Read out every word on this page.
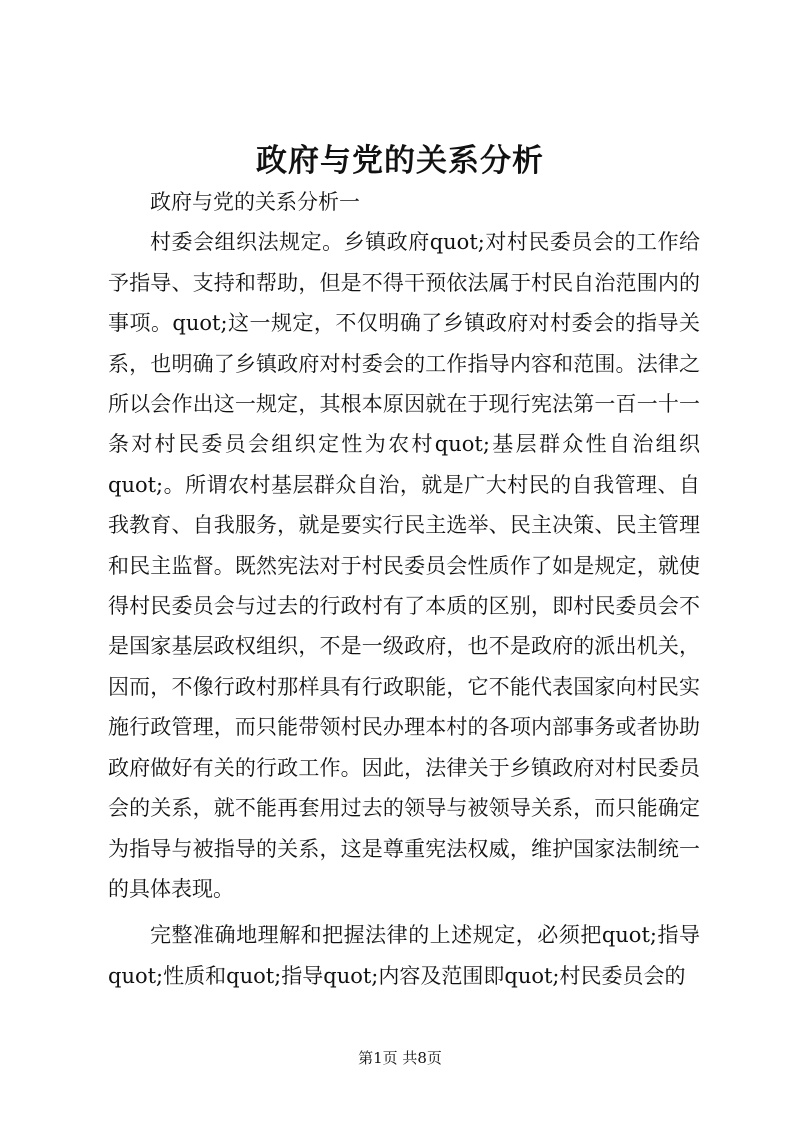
政府与党的关系分析

政府与党的关系分析一

村委会组织法规定。乡镇政府quot;对村民委员会的工作给予指导、支持和帮助，但是不得干预依法属于村民自治范围内的事项。quot;这一规定，不仅明确了乡镇政府对村委会的指导关系，也明确了乡镇政府对村委会的工作指导内容和范围。法律之所以会作出这一规定，其根本原因就在于现行宪法第一百一十一条对村民委员会组织定性为农村quot;基层群众性自治组织quot;。所谓农村基层群众自治，就是广大村民的自我管理、自我教育、自我服务，就是要实行民主选举、民主决策、民主管理和民主监督。既然宪法对于村民委员会性质作了如是规定，就使得村民委员会与过去的行政村有了本质的区别，即村民委员会不是国家基层政权组织，不是一级政府，也不是政府的派出机关，因而，不像行政村那样具有行政职能，它不能代表国家向村民实施行政管理，而只能带领村民办理本村的各项内部事务或者协助政府做好有关的行政工作。因此，法律关于乡镇政府对村民委员会的关系，就不能再套用过去的领导与被领导关系，而只能确定为指导与被指导的关系，这是尊重宪法权威，维护国家法制统一的具体表现。

完整准确地理解和把握法律的上述规定，必须把quot;指导quot;性质和quot;指导quot;内容及范围即quot;村民委员会的

第1页 共8页
